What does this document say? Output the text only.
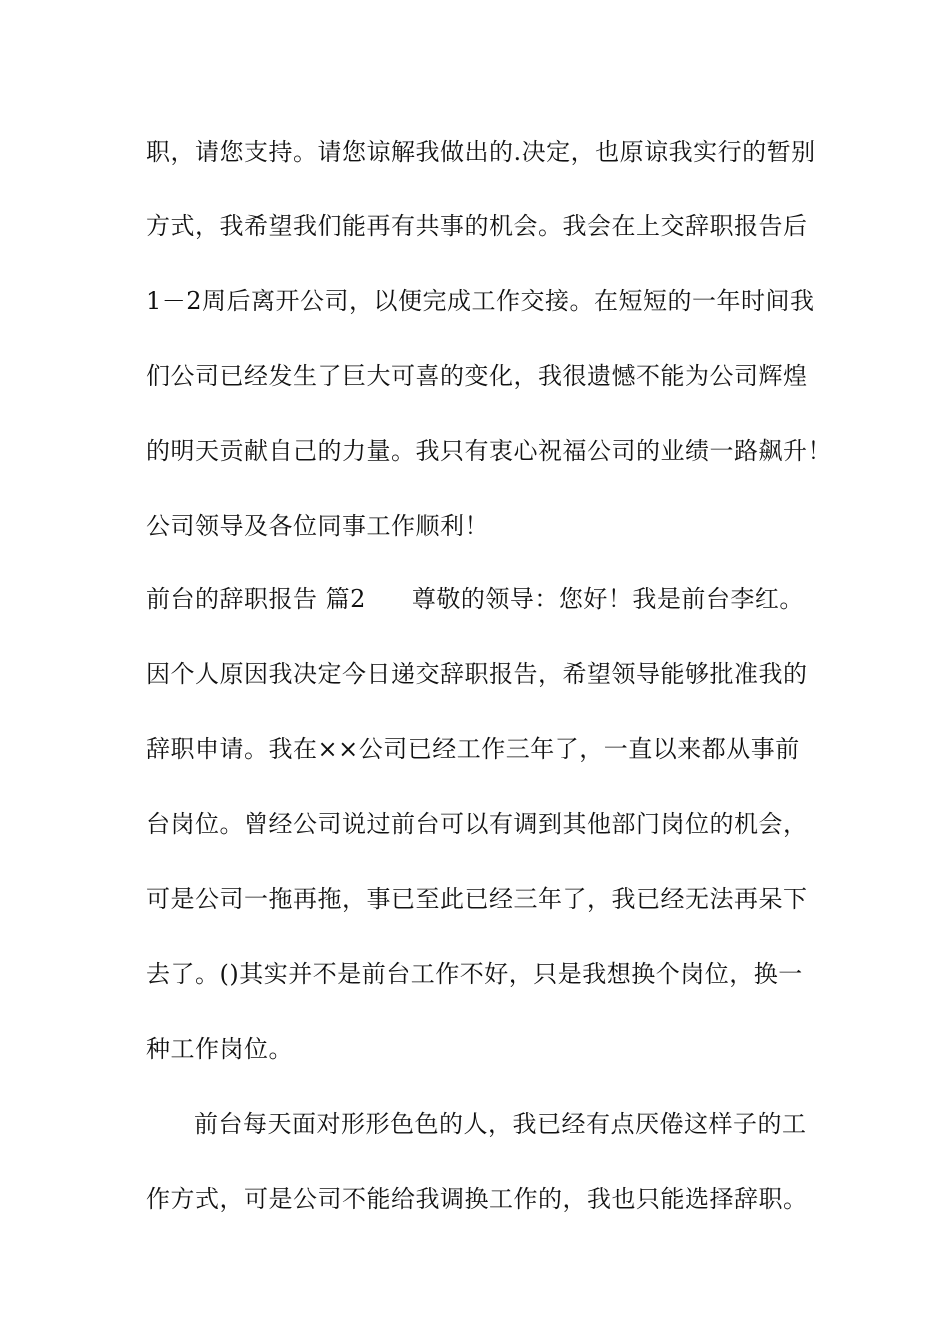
职，请您支持。请您谅解我做出的.决定，也原谅我实行的暂别
方式，我希望我们能再有共事的机会。我会在上交辞职报告后
1－2周后离开公司，以便完成工作交接。在短短的一年时间我
们公司已经发生了巨大可喜的变化，我很遗憾不能为公司辉煌
的明天贡献自己的力量。我只有衷心祝福公司的业绩一路飙升！
公司领导及各位同事工作顺利！
前台的辞职报告 篇2 尊敬的领导：您好！我是前台李红。
因个人原因我决定今日递交辞职报告，希望领导能够批准我的
辞职申请。我在××公司已经工作三年了，一直以来都从事前
台岗位。曾经公司说过前台可以有调到其他部门岗位的机会，
可是公司一拖再拖，事已至此已经三年了，我已经无法再呆下
去了。()其实并不是前台工作不好，只是我想换个岗位，换一
种工作岗位。
前台每天面对形形色色的人，我已经有点厌倦这样子的工
作方式，可是公司不能给我调换工作的，我也只能选择辞职。
